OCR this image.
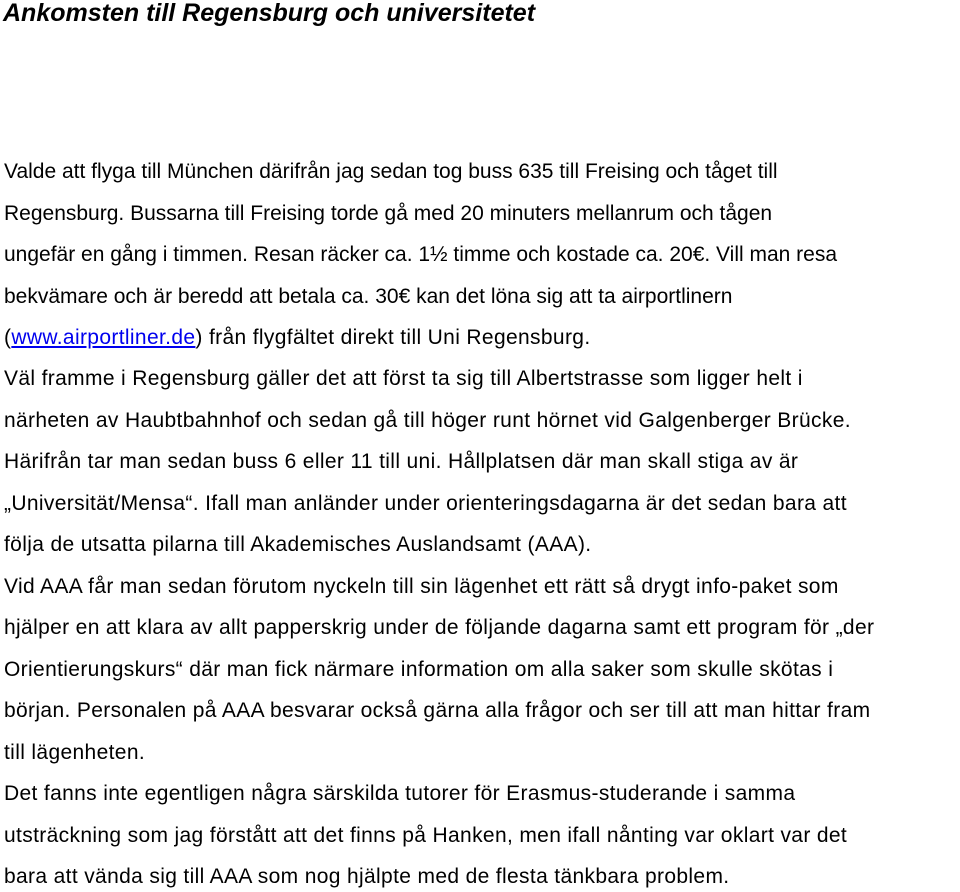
Ankomsten till Regensburg och universitetet

Valde att flyga till München därifrån jag sedan tog buss 635 till Freising och tåget till

Regensburg. Bussarna till Freising torde gå med 20 minuters mellanrum och tågen

ungefär en gång i timmen. Resan räcker ca. 1½ timme och kostade ca. 20€. Vill man resa

bekvämare och är beredd att betala ca. 30€ kan det löna sig att ta airportlinern

(www.airportliner.de) från flygfältet direkt till Uni Regensburg.

Väl framme i Regensburg gäller det att först ta sig till Albertstrasse som ligger helt i

närheten av Haubtbahnhof och sedan gå till höger runt hörnet vid Galgenberger Brücke.

Härifrån tar man sedan buss 6 eller 11 till uni. Hållplatsen där man skall stiga av är

„Universität/Mensa“. Ifall man anländer under orienteringsdagarna är det sedan bara att

följa de utsatta pilarna till Akademisches Auslandsamt (AAA).

Vid AAA får man sedan förutom nyckeln till sin lägenhet ett rätt så drygt info-paket som

hjälper en att klara av allt papperskrig under de följande dagarna samt ett program för „der

Orientierungskurs“ där man fick närmare information om alla saker som skulle skötas i

början. Personalen på AAA besvarar också gärna alla frågor och ser till att man hittar fram

till lägenheten.

Det fanns inte egentligen några särskilda tutorer för Erasmus-studerande i samma

utsträckning som jag förstått att det finns på Hanken, men ifall nånting var oklart var det

bara att vända sig till AAA som nog hjälpte med de flesta tänkbara problem.
